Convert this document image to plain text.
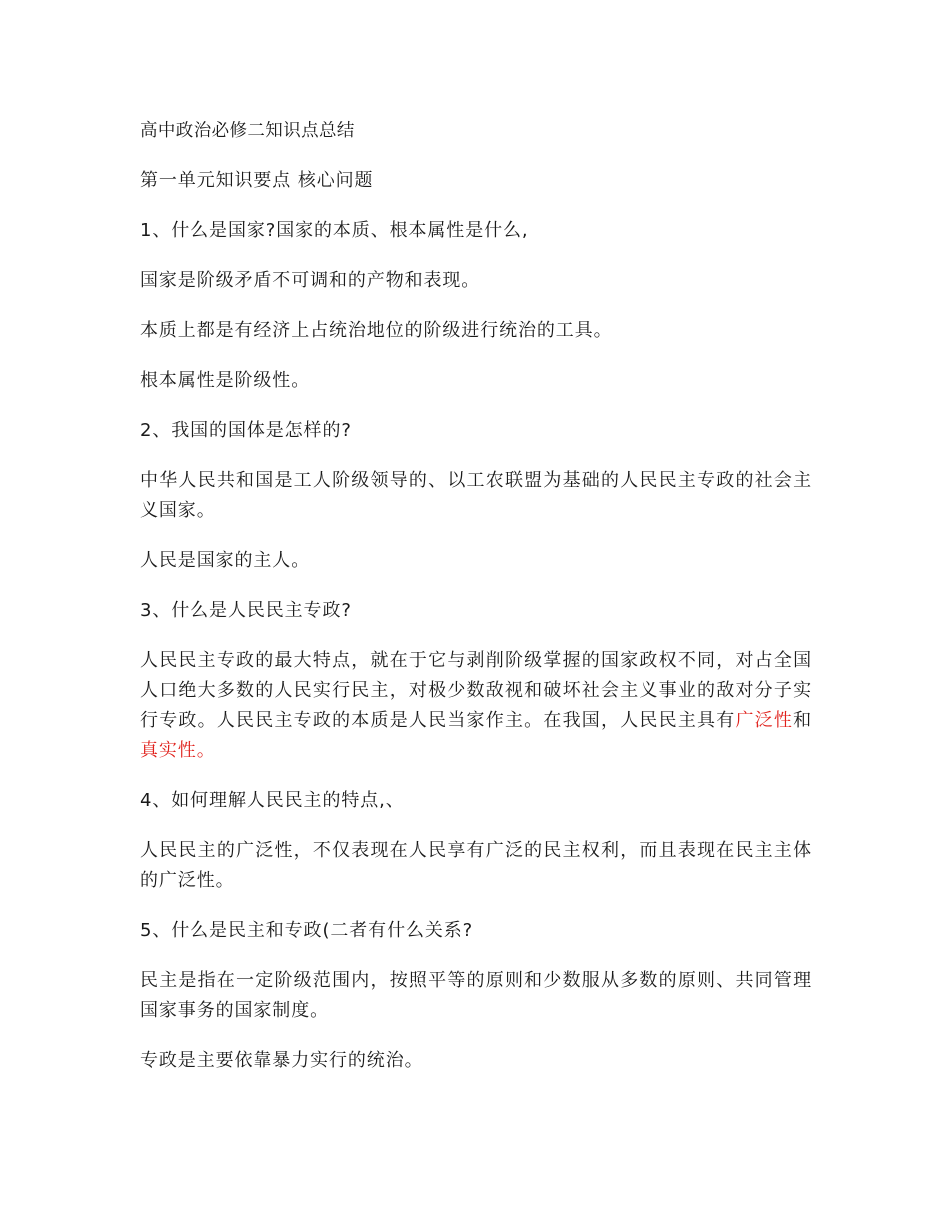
高中政治必修二知识点总结
第一单元知识要点 核心问题
1、什么是国家?国家的本质、根本属性是什么,
国家是阶级矛盾不可调和的产物和表现。
本质上都是有经济上占统治地位的阶级进行统治的工具。
根本属性是阶级性。
2、我国的国体是怎样的?
中华人民共和国是工人阶级领导的、以工农联盟为基础的人民民主专政的社会主义国家。
人民是国家的主人。
3、什么是人民民主专政?
人民民主专政的最大特点，就在于它与剥削阶级掌握的国家政权不同，对占全国人口绝大多数的人民实行民主，对极少数敌视和破坏社会主义事业的敌对分子实行专政。人民民主专政的本质是人民当家作主。在我国，人民民主具有广泛性和真实性。
4、如何理解人民民主的特点,、
人民民主的广泛性，不仅表现在人民享有广泛的民主权利，而且表现在民主主体的广泛性。
5、什么是民主和专政(二者有什么关系?
民主是指在一定阶级范围内，按照平等的原则和少数服从多数的原则、共同管理国家事务的国家制度。
专政是主要依靠暴力实行的统治。
